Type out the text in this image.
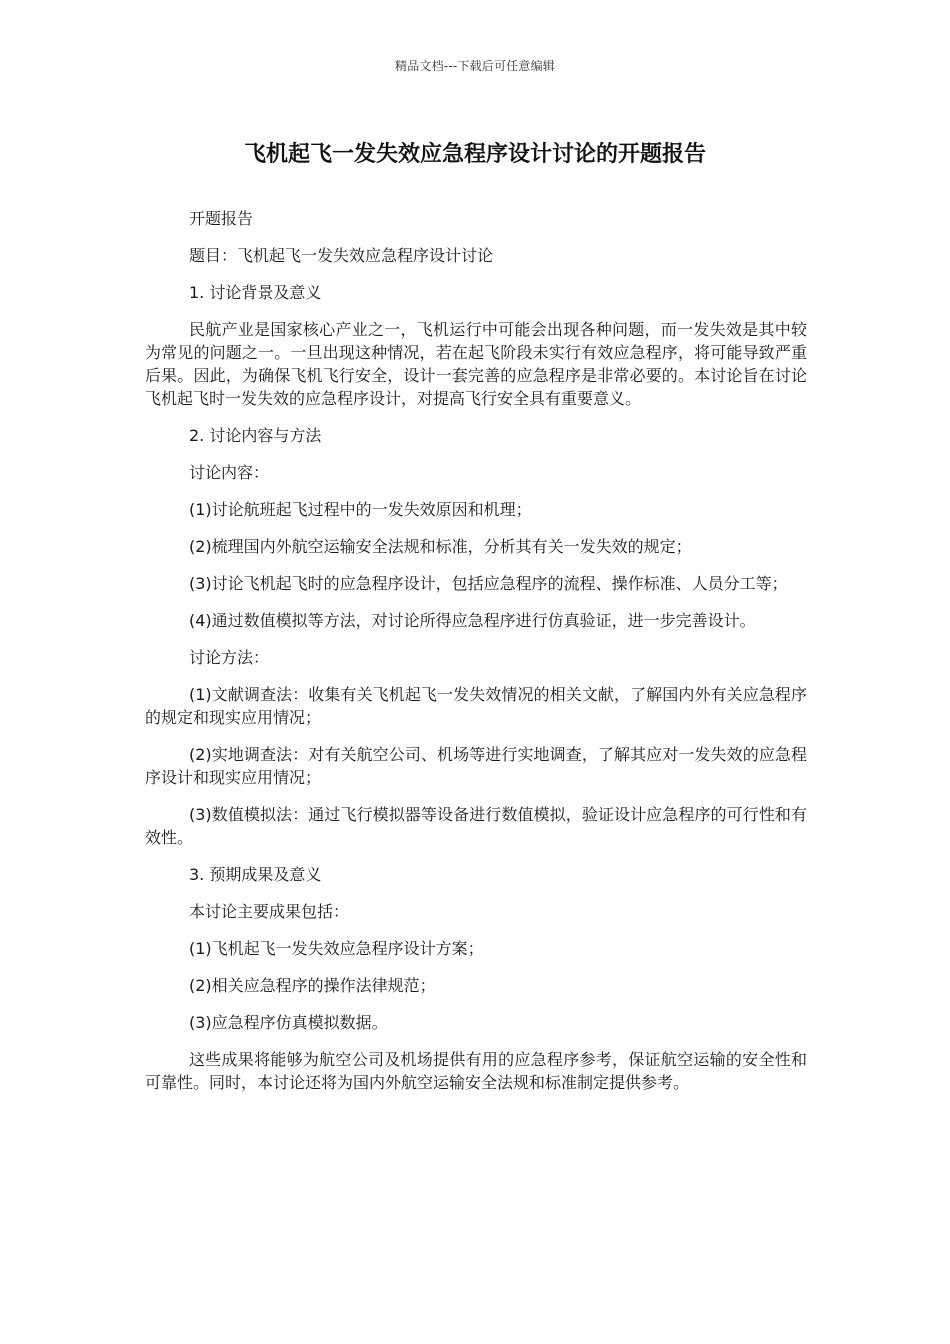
精品文档---下载后可任意编辑
飞机起飞一发失效应急程序设计讨论的开题报告

开题报告

题目：飞机起飞一发失效应急程序设计讨论

1. 讨论背景及意义

民航产业是国家核心产业之一，飞机运行中可能会出现各种问题，而一发失效是其中较为常见的问题之一。一旦出现这种情况，若在起飞阶段未实行有效应急程序，将可能导致严重后果。因此，为确保飞机飞行安全，设计一套完善的应急程序是非常必要的。本讨论旨在讨论飞机起飞时一发失效的应急程序设计，对提高飞行安全具有重要意义。

2. 讨论内容与方法

讨论内容：

(1)讨论航班起飞过程中的一发失效原因和机理；

(2)梳理国内外航空运输安全法规和标准，分析其有关一发失效的规定；

(3)讨论飞机起飞时的应急程序设计，包括应急程序的流程、操作标准、人员分工等；

(4)通过数值模拟等方法，对讨论所得应急程序进行仿真验证，进一步完善设计。

讨论方法：

(1)文献调查法：收集有关飞机起飞一发失效情况的相关文献，了解国内外有关应急程序的规定和现实应用情况；

(2)实地调查法：对有关航空公司、机场等进行实地调查，了解其应对一发失效的应急程序设计和现实应用情况；

(3)数值模拟法：通过飞行模拟器等设备进行数值模拟，验证设计应急程序的可行性和有效性。

3. 预期成果及意义

本讨论主要成果包括：

(1)飞机起飞一发失效应急程序设计方案；

(2)相关应急程序的操作法律规范；

(3)应急程序仿真模拟数据。

这些成果将能够为航空公司及机场提供有用的应急程序参考，保证航空运输的安全性和可靠性。同时，本讨论还将为国内外航空运输安全法规和标准制定提供参考。
